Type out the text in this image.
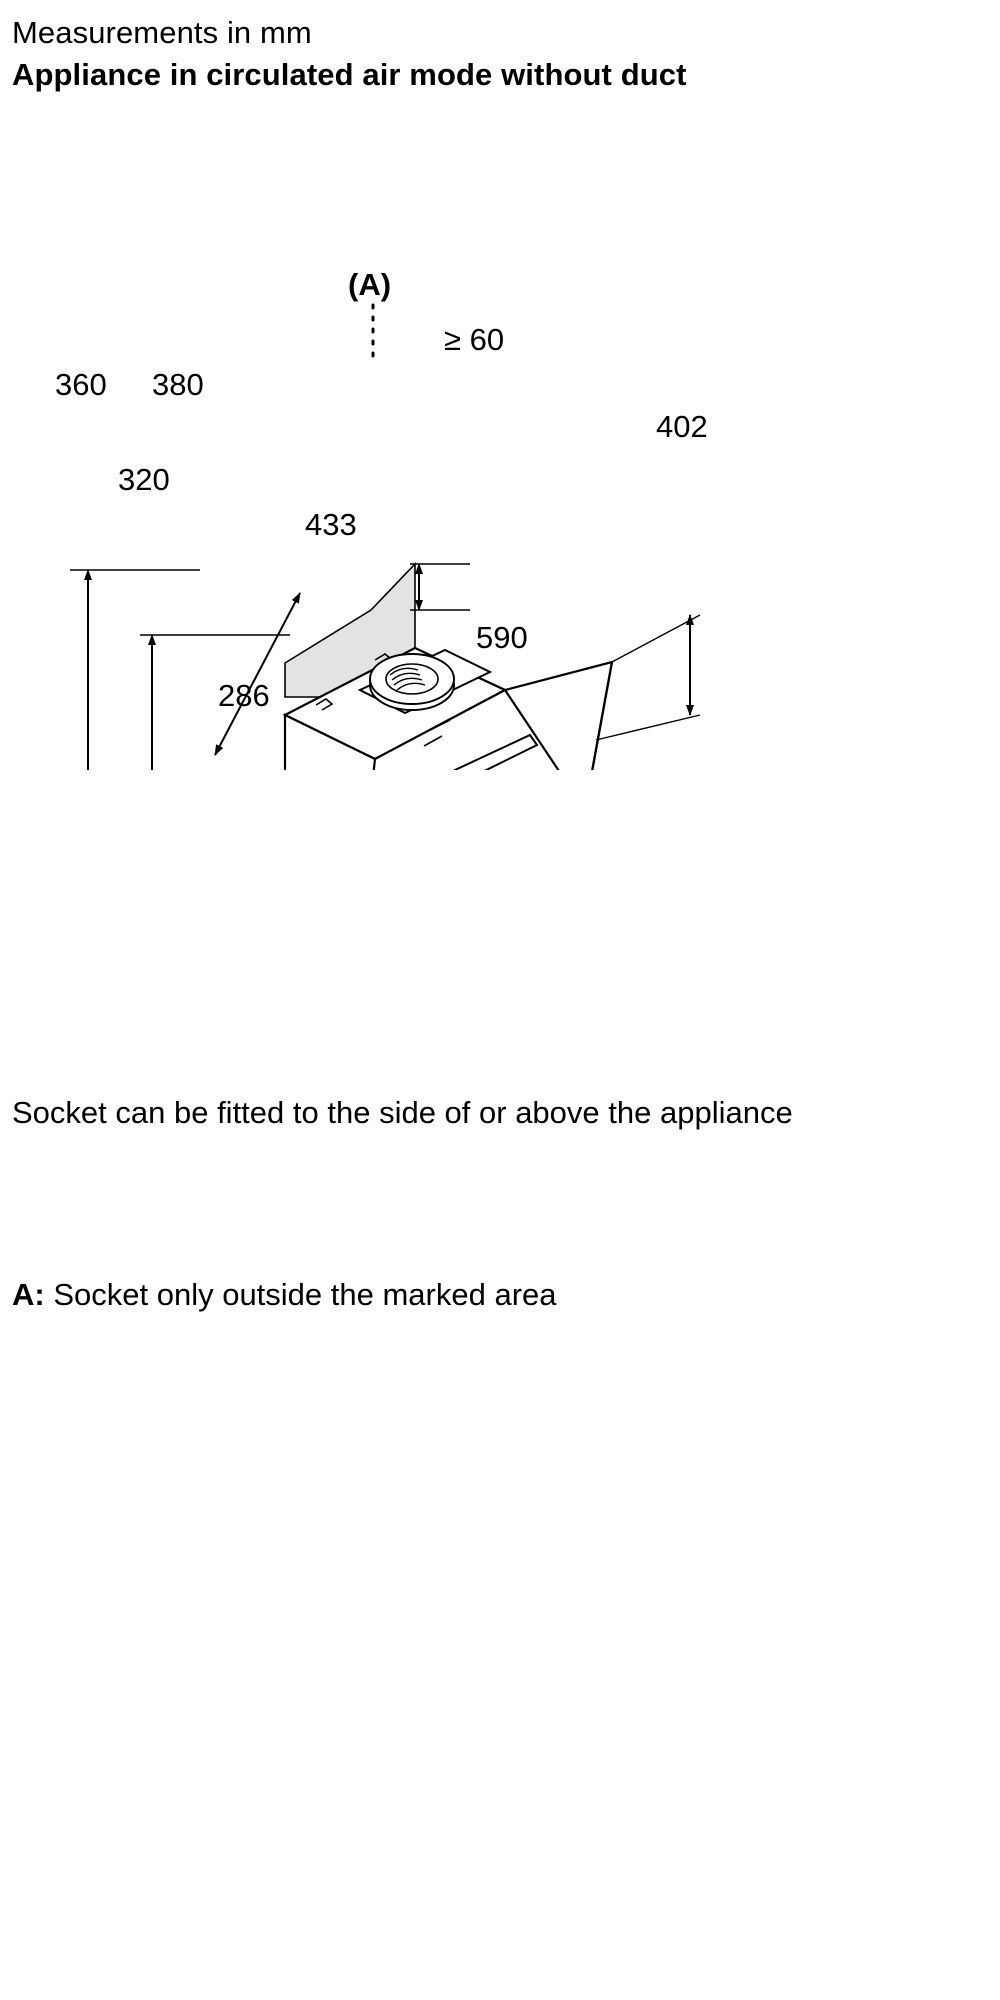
Measurements in mm
Appliance in circulated air mode without duct
(A)
≥ 60
360 380
320
433
402
590
286
Socket can be fitted to the side of or above the appliance
A: Socket only outside the marked area
